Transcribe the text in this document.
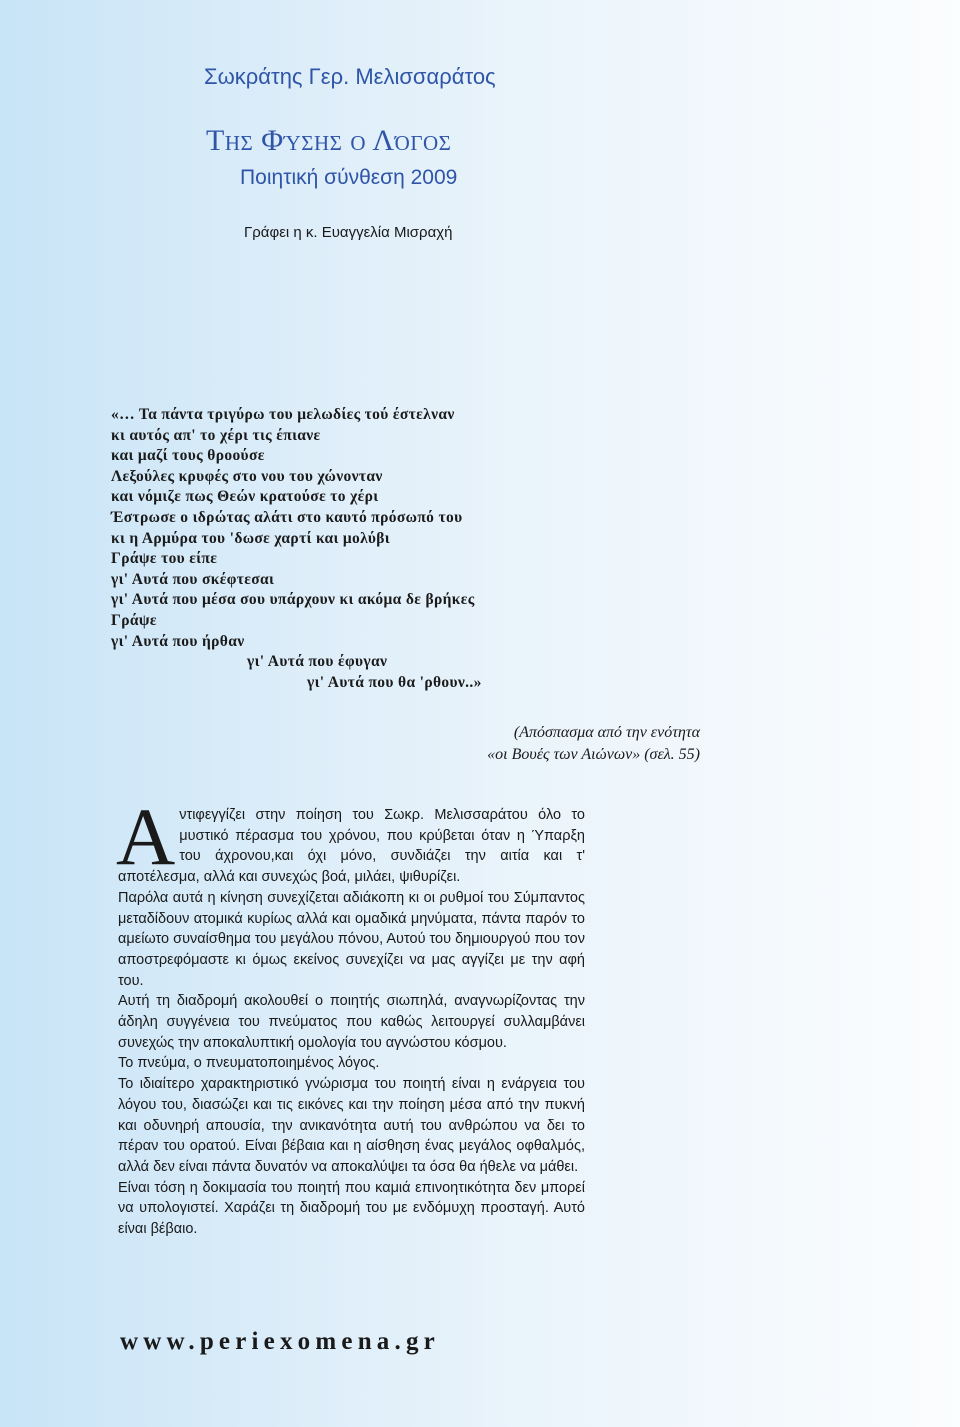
Σωκράτης Γερ. Μελισσαράτος
Της Φύσης ο Λόγος
Ποιητική σύνθεση 2009
Γράφει η κ. Ευαγγελία Μισραχή
«… Τα πάντα τριγύρω του μελωδίες τού έστελναν
κι αυτός απ' το χέρι τις έπιανε
και μαζί τους θροούσε
Λεξούλες κρυφές στο νου του χώνονταν
και νόμιζε πως Θεών κρατούσε το χέρι
Έστρωσε ο ιδρώτας αλάτι στο καυτό πρόσωπό του
κι η Αρμύρα του 'δωσε χαρτί και μολύβι
Γράψε του είπε
γι' Αυτά που σκέφτεσαι
γι' Αυτά που μέσα σου υπάρχουν κι ακόμα δε βρήκες
Γράψε
γι' Αυτά που ήρθαν
γι' Αυτά που έφυγαν
γι' Αυτά που θα 'ρθουν..»
(Απόσπασμα από την ενότητα
«οι Βουές των Αιώνων» (σελ. 55)
Α ντιφεγγίζει στην ποίηση του Σωκρ. Μελισσαράτου όλο το μυστικό πέρασμα του χρόνου, που κρύβεται όταν η Ύπαρξη του άχρονου,και όχι μόνο, συνδιάζει την αιτία και τ' αποτέλεσμα, αλλά και συνεχώς βοά, μιλάει, ψιθυρίζει.

Παρόλα αυτά η κίνηση συνεχίζεται αδιάκοπη κι οι ρυθμοί του Σύμπαντος μεταδίδουν ατομικά κυρίως αλλά και ομαδικά μηνύματα, πάντα παρόν το αμείωτο συναίσθημα του μεγάλου πόνου, Αυτού του δημιουργού που τον αποστρεφόμαστε κι όμως εκείνος συνεχίζει να μας αγγίζει με την αφή του.

Αυτή τη διαδρομή ακολουθεί ο ποιητής σιωπηλά, αναγνωρίζοντας την άδηλη συγγένεια του πνεύματος που καθώς λειτουργεί συλλαμβάνει συνεχώς την αποκαλυπτική ομολογία του αγνώστου κόσμου.

Το πνεύμα, ο πνευματοποιημένος λόγος.

Το ιδιαίτερο χαρακτηριστικό γνώρισμα του ποιητή είναι η ενάργεια του λόγου του, διασώζει και τις εικόνες και την ποίηση μέσα από την πυκνή και οδυνηρή απουσία, την ανικανότητα αυτή του ανθρώπου να δει το πέραν του ορατού. Είναι βέβαια και η αίσθηση ένας μεγάλος οφθαλμός, αλλά δεν είναι πάντα δυνατόν να αποκαλύψει τα όσα θα ήθελε να μάθει.

Είναι τόση η δοκιμασία του ποιητή που καμιά επινοητικότητα δεν μπορεί να υπολογιστεί. Χαράζει τη διαδρομή του με ενδόμυχη προσταγή. Αυτό είναι βέβαιο.

www.periexomena.gr
